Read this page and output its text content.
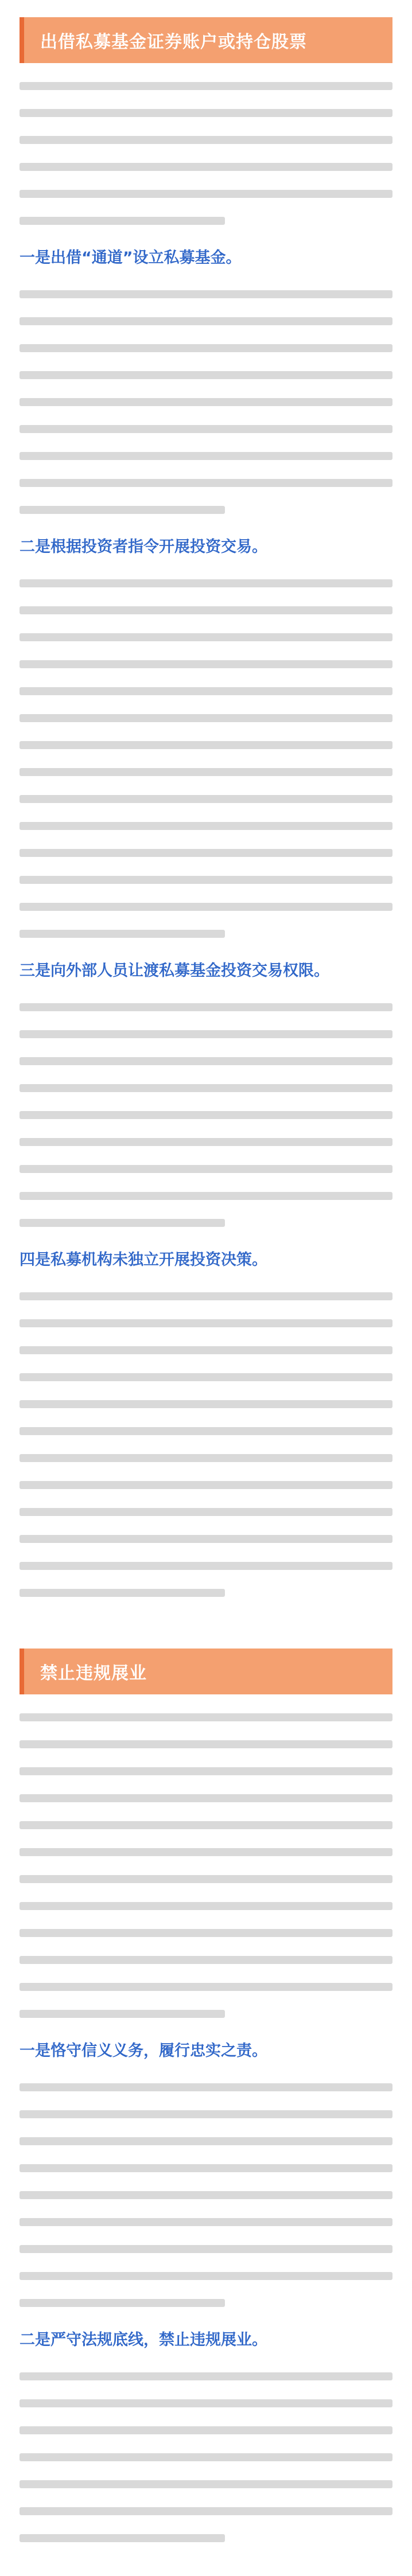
出借私募基金证券账户或持仓股票
一是出借“通道”设立私募基金。
二是根据投资者指令开展投资交易。
三是向外部人员让渡私募基金投资交易权限。
四是私募机构未独立开展投资决策。
禁止违规展业
一是恪守信义义务，履行忠实之责。
二是严守法规底线，禁止违规展业。
